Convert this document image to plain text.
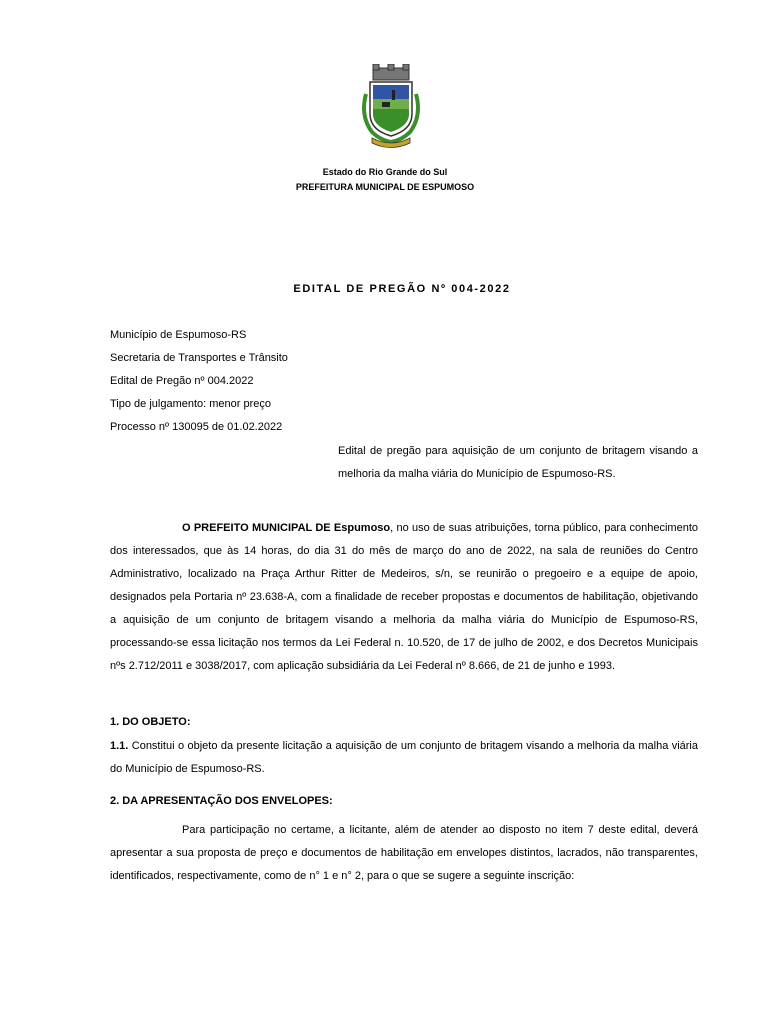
Estado do Rio Grande do Sul
PREFEITURA MUNICIPAL DE ESPUMOSO
EDITAL DE PREGÃO Nº 004-2022
Município de Espumoso-RS
Secretaria de Transportes e Trânsito
Edital de Pregão nº 004.2022
Tipo de julgamento: menor preço
Processo nº 130095 de 01.02.2022
Edital de pregão para aquisição de um conjunto de britagem visando a melhoria da malha viária do Município de Espumoso-RS.
O PREFEITO MUNICIPAL DE Espumoso, no uso de suas atribuições, torna público, para conhecimento dos interessados, que às 14 horas, do dia 31 do mês de março do ano de 2022, na sala de reuniões do Centro Administrativo, localizado na Praça Arthur Ritter de Medeiros, s/n, se reunirão o pregoeiro e a equipe de apoio, designados pela Portaria nº 23.638-A, com a finalidade de receber propostas e documentos de habilitação, objetivando a aquisição de um conjunto de britagem visando a melhoria da malha viária do Município de Espumoso-RS, processando-se essa licitação nos termos da Lei Federal n. 10.520, de 17 de julho de 2002, e dos Decretos Municipais nºs 2.712/2011 e 3038/2017, com aplicação subsidiária da Lei Federal nº 8.666, de 21 de junho e 1993.
1. DO OBJETO:
1.1. Constitui o objeto da presente licitação a aquisição de um conjunto de britagem visando a melhoria da malha viária do Município de Espumoso-RS.
2. DA APRESENTAÇÃO DOS ENVELOPES:
Para participação no certame, a licitante, além de atender ao disposto no item 7 deste edital, deverá apresentar a sua proposta de preço e documentos de habilitação em envelopes distintos, lacrados, não transparentes, identificados, respectivamente, como de n° 1 e n° 2, para o que se sugere a seguinte inscrição:
